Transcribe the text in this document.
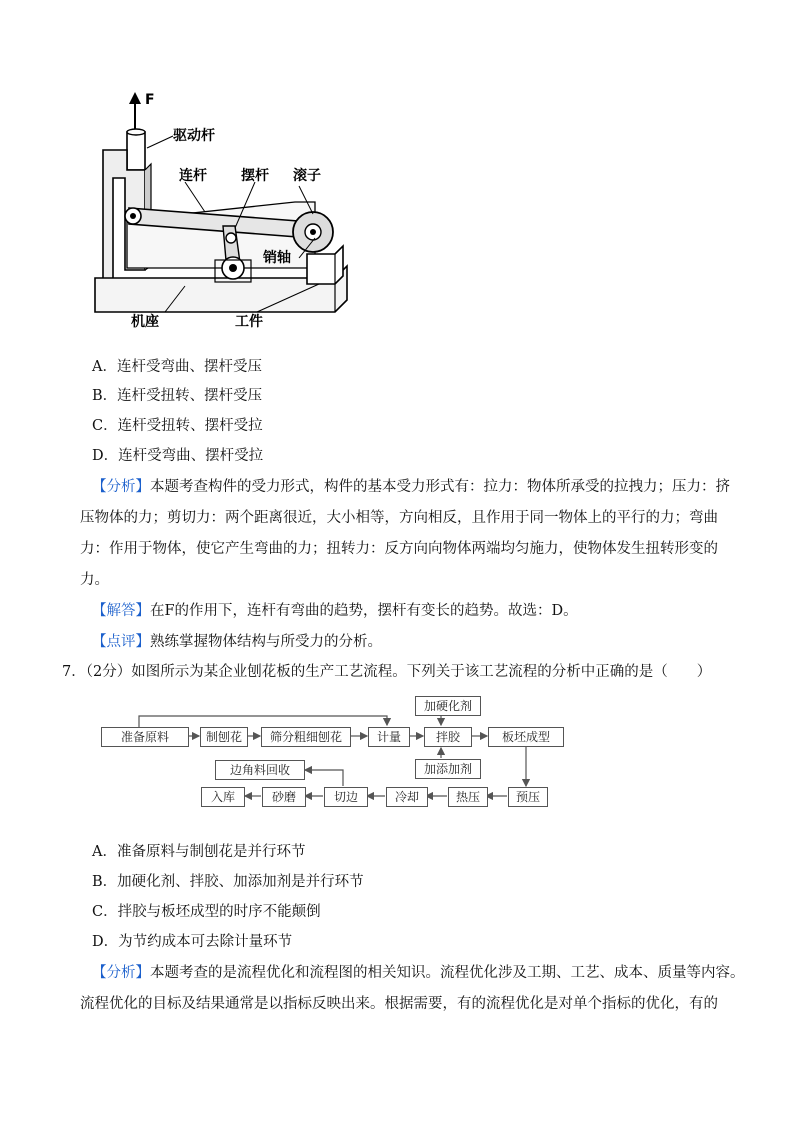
F
驱动杆
连杆 摆杆 滚子
销轴
机座	工件
A．连杆受弯曲、摆杆受压
B．连杆受扭转、摆杆受压
C．连杆受扭转、摆杆受拉
D．连杆受弯曲、摆杆受拉
【分析】本题考查构件的受力形式，构件的基本受力形式有：拉力：物体所承受的拉拽力；压力：挤
压物体的力；剪切力：两个距离很近，大小相等，方向相反，且作用于同一物体上的平行的力；弯曲
力：作用于物体，使它产生弯曲的力；扭转力：反方向向物体两端均匀施力，使物体发生扭转形变的
力。
【解答】在F的作用下，连杆有弯曲的趋势，摆杆有变长的趋势。故选：D。
【点评】熟练掌握物体结构与所受力的分析。
7．（2分）如图所示为某企业刨花板的生产工艺流程。下列关于该工艺流程的分析中正确的是（　　）
准备原料	制刨花	筛分粗细刨花	计量	拌胶	板坯成型
加硬化剂
加添加剂
预压
热压
冷却
切边
砂磨
入库
边角料回收
A．准备原料与制刨花是并行环节
B．加硬化剂、拌胶、加添加剂是并行环节
C．拌胶与板坯成型的时序不能颠倒
D．为节约成本可去除计量环节
【分析】本题考查的是流程优化和流程图的相关知识。流程优化涉及工期、工艺、成本、质量等内容。
流程优化的目标及结果通常是以指标反映出来。根据需要，有的流程优化是对单个指标的优化，有的
